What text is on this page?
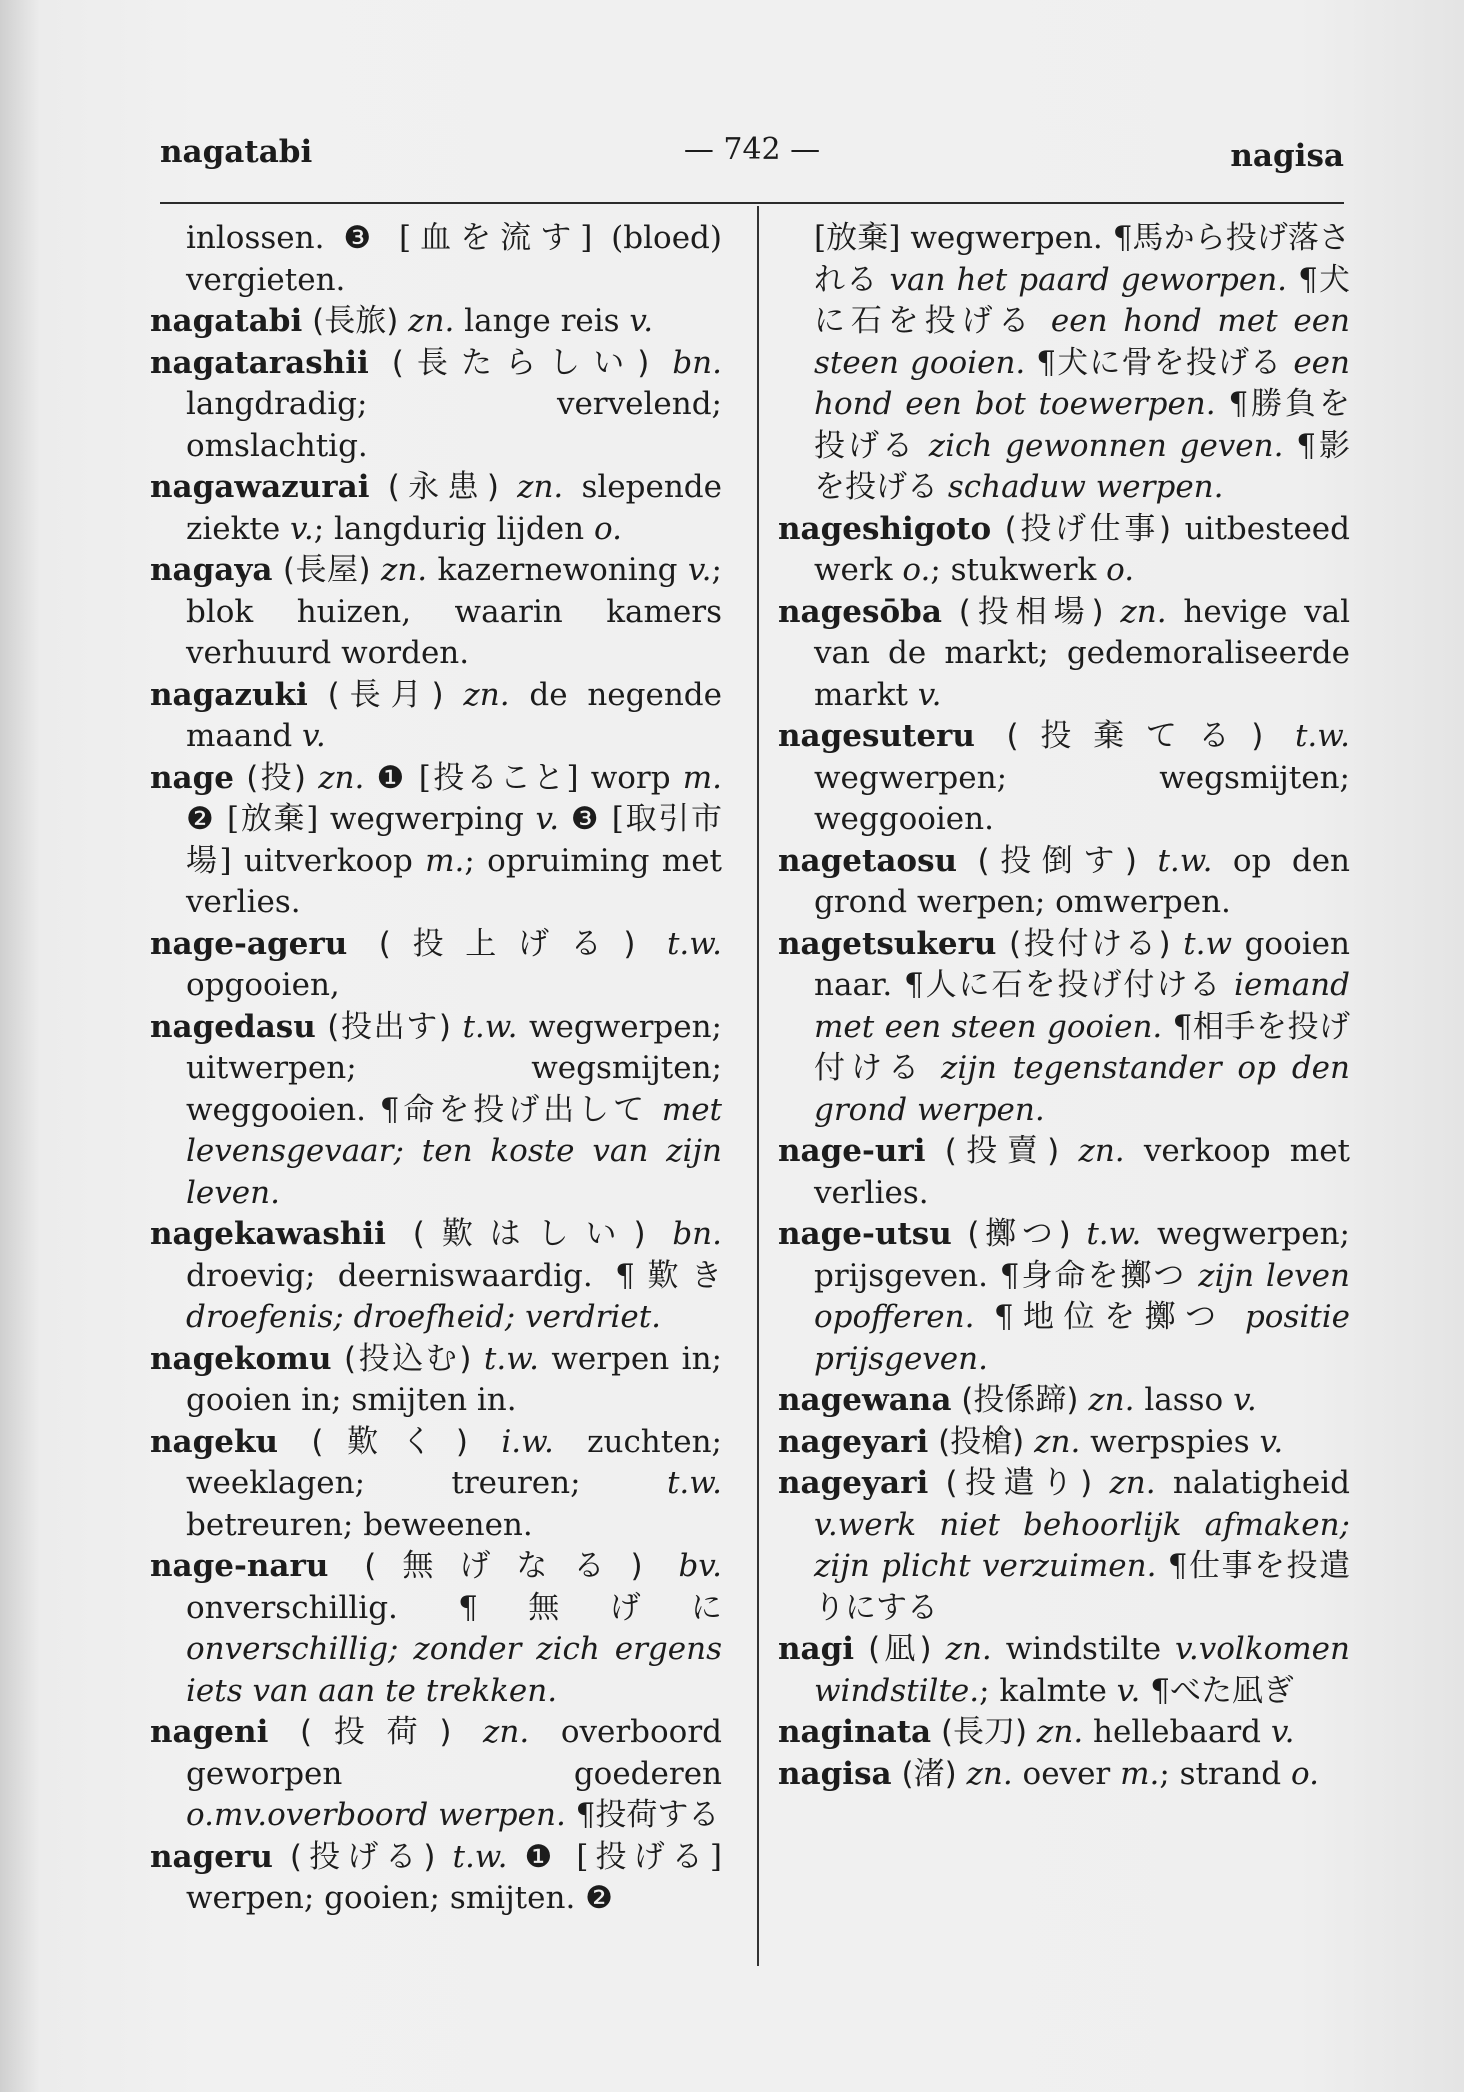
nagatabi	— 742 —	nagisa

inlossen. ❸ [血を流す] (bloed) vergieten.

nagatabi (長旅) zn. lange reis v.

nagatarashii (長たらしい) bn. langdradig; vervelend; omslachtig.

nagawazurai (永患) zn. slepende ziekte v.; langdurig lijden o.

nagaya (長屋) zn. kazernewoning v.; blok huizen, waarin kamers verhuurd worden.

nagazuki (長月) zn. de negende maand v.

nage (投) zn. ❶ [投ること] worp m. ❷ [放棄] wegwerping v. ❸ [取引市場] uitverkoop m.; opruiming met verlies.

nage-ageru (投上げる) t.w. opgooien,

nagedasu (投出す) t.w. wegwerpen; uitwerpen; wegsmijten; weggooien. ¶命を投げ出して met levensgevaar; ten koste van zijn leven.

nagekawashii (歎はしい) bn. droevig; deerniswaardig. ¶歎き droefenis; droefheid; verdriet.

nagekomu (投込む) t.w. werpen in; gooien in; smijten in.

nageku (歎く) i.w. zuchten; weeklagen; treuren; t.w. betreuren; beweenen.

nage-naru (無げなる) bv. onverschillig. ¶無げに onverschillig; zonder zich ergens iets van aan te trekken.

nageni (投荷) zn. overboord geworpen goederen o.mv.overboord werpen. ¶投荷する

nageru (投げる) t.w. ❶ [投げる] werpen; gooien; smijten. ❷

[放棄] wegwerpen. ¶馬から投げ落される van het paard geworpen. ¶犬に石を投げる een hond met een steen gooien. ¶犬に骨を投げる een hond een bot toewerpen. ¶勝負を投げる zich gewonnen geven. ¶影を投げる schaduw werpen.

nageshigoto (投げ仕事) uitbesteed werk o.; stukwerk o.

nagesōba (投相場) zn. hevige val van de markt; gedemoraliseerde markt v.

nagesuteru (投棄てる) t.w. wegwerpen; wegsmijten; weggooien.

nagetaosu (投倒す) t.w. op den grond werpen; omwerpen.

nagetsukeru (投付ける) t.w gooien naar. ¶人に石を投げ付ける iemand met een steen gooien. ¶相手を投げ付ける zijn tegenstander op den grond werpen.

nage-uri (投賣) zn. verkoop met verlies.

nage-utsu (擲つ) t.w. wegwerpen; prijsgeven. ¶身命を擲つ zijn leven opofferen. ¶地位を擲つ positie prijsgeven.

nagewana (投係蹄) zn. lasso v.

nageyari (投槍) zn. werpspies v.

nageyari (投遣り) zn. nalatigheid v.werk niet behoorlijk afmaken; zijn plicht verzuimen. ¶仕事を投遣りにする

nagi (凪) zn. windstilte v.volkomen windstilte.; kalmte v. ¶べた凪ぎ

naginata (長刀) zn. hellebaard v.

nagisa (渚) zn. oever m.; strand o.
